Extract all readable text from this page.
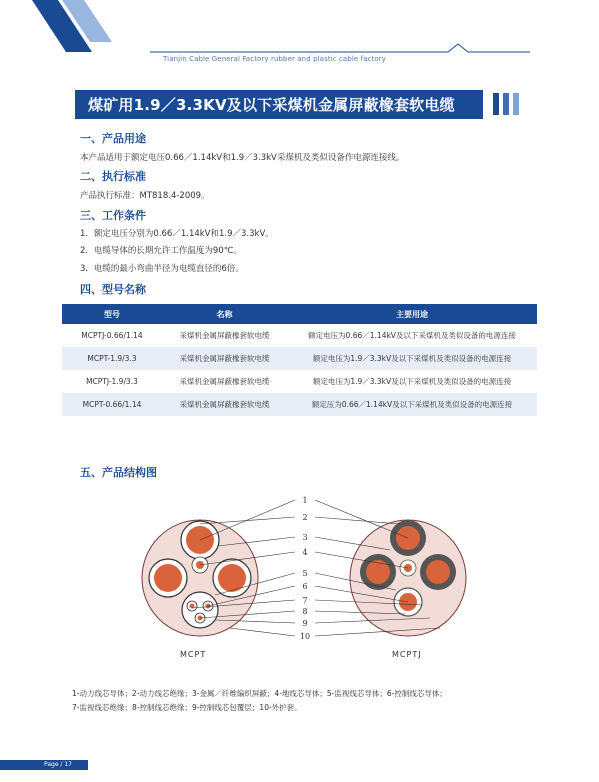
Tianjin Cable General Factory rubber and plastic cable factory
煤矿用1.9／3.3KV及以下采煤机金属屏蔽橡套软电缆
一、产品用途
本产品适用于额定电压0.66／1.14kV和1.9／3.3kV采煤机及类似设备作电源连接线。
二、执行标准
产品执行标准：MT818.4-2009。
三、工作条件
1．额定电压分别为0.66／1.14kV和1.9／3.3kV。
2．电缆导体的长期允许工作温度为90℃。
3．电缆的最小弯曲半径为电缆直径的6倍。
四、型号名称
型号	名称	主要用途
MCPTJ-0.66/1.14	采煤机金属屏蔽橡套软电缆	额定电压为0.66／1.14kV及以下采煤机及类似设备的电源连接
MCPT-1.9/3.3	采煤机金属屏蔽橡套软电缆	额定电压为1.9／3.3kV及以下采煤机及类似设备的电源连接
MCPTJ-1.9/3.3	采煤机金属屏蔽橡套软电缆	额定电压为1.9／3.3kV及以下采煤机及类似设备的电源连接
MCPT-0.66/1.14	采煤机金属屏蔽橡套软电缆	额定压为0.66／1.14kV及以下采煤机及类似设备的电源连接
五、产品结构图
1
2
3
4
5
6
7
8
9
10
MCPT	MCPTJ
1-动力线芯导体；2-动力线芯绝缘；3-金属／纤维编织屏蔽；4-地线芯导体；5-监视线芯导体；6-控制线芯导体；
7-监视线芯绝缘；8-控制线芯绝缘；9-控制线芯包覆层；10-外护套。
Page / 17
